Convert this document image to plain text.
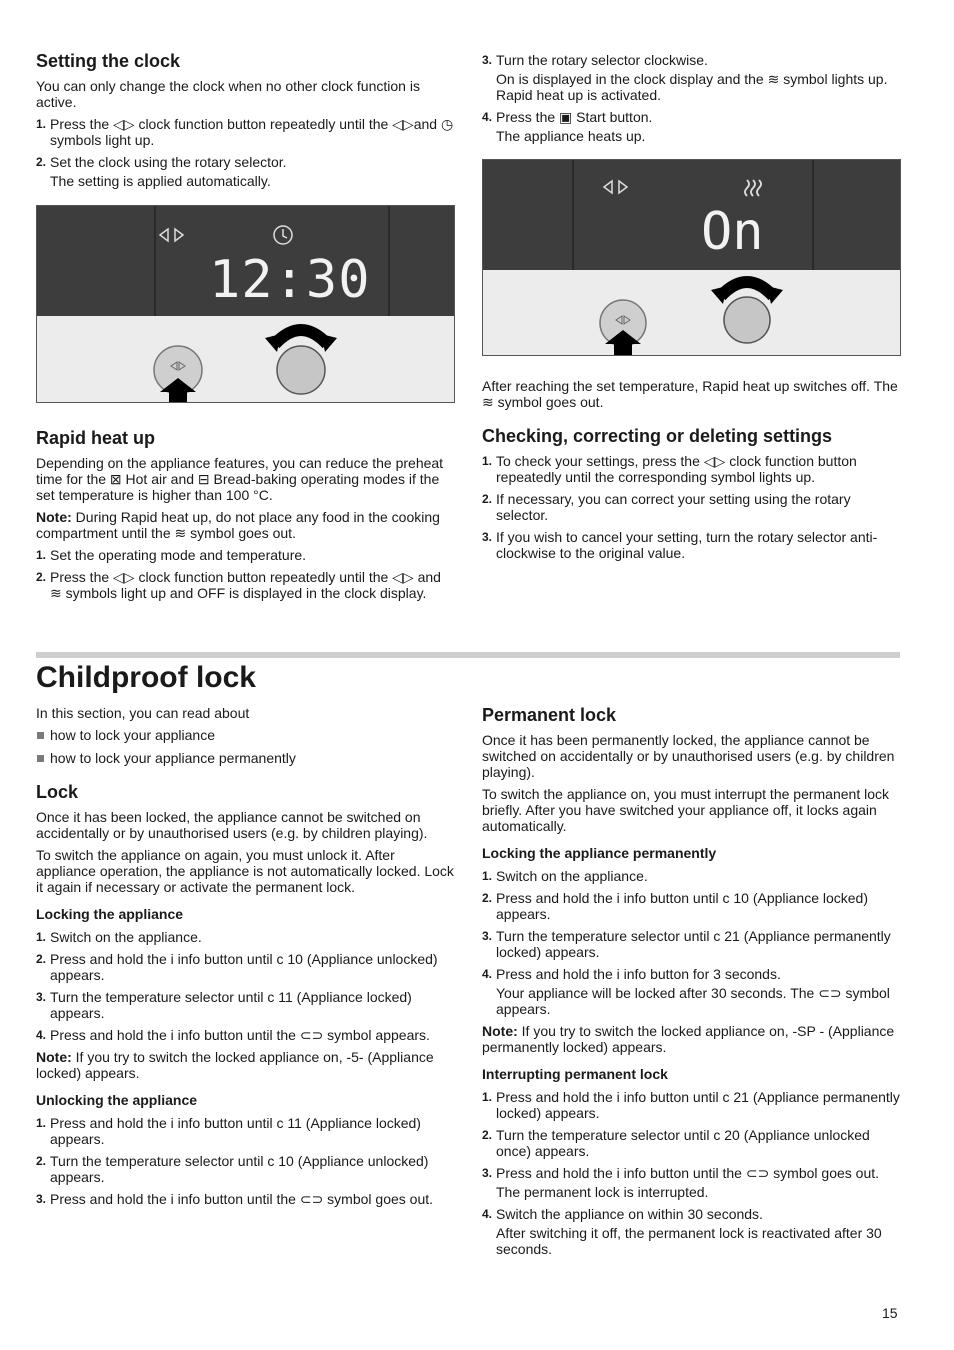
Setting the clock

You can only change the clock when no other clock function is active.

1. Press the ◁▷ clock function button repeatedly until the ◁▷and ◷ symbols light up.
2. Set the clock using the rotary selector.
The setting is applied automatically.
12:30
Rapid heat up

Depending on the appliance features, you can reduce the preheat time for the ⊠ Hot air and ⊟ Bread-baking operating modes if the set temperature is higher than 100 °C.

Note: During Rapid heat up, do not place any food in the cooking compartment until the ≋ symbol goes out.

1. Set the operating mode and temperature.
2. Press the ◁▷ clock function button repeatedly until the ◁▷ and ≋ symbols light up and OFF is displayed in the clock display.
3. Turn the rotary selector clockwise.
On is displayed in the clock display and the ≋ symbol lights up. Rapid heat up is activated.
4. Press the ▣ Start button.
The appliance heats up.
On

After reaching the set temperature, Rapid heat up switches off. The ≋ symbol goes out.

Checking, correcting or deleting settings
1. To check your settings, press the ◁▷ clock function button repeatedly until the corresponding symbol lights up.
2. If necessary, you can correct your setting using the rotary selector.
3. If you wish to cancel your setting, turn the rotary selector anti-clockwise to the original value.
Childproof lock

In this section, you can read about

how to lock your appliance
how to lock your appliance permanently
Lock

Once it has been locked, the appliance cannot be switched on accidentally or by unauthorised users (e.g. by children playing).

To switch the appliance on again, you must unlock it. After appliance operation, the appliance is not automatically locked. Lock it again if necessary or activate the permanent lock.

Locking the appliance
1. Switch on the appliance.
2. Press and hold the i info button until c 10 (Appliance unlocked) appears.
3. Turn the temperature selector until c 11 (Appliance locked) appears.
4. Press and hold the i info button until the ⊂⊃ symbol appears.

Note: If you try to switch the locked appliance on, -5- (Appliance locked) appears.

Unlocking the appliance
1. Press and hold the i info button until c 11 (Appliance locked) appears.
2. Turn the temperature selector until c 10 (Appliance unlocked) appears.
3. Press and hold the i info button until the ⊂⊃ symbol goes out.
Permanent lock

Once it has been permanently locked, the appliance cannot be switched on accidentally or by unauthorised users (e.g. by children playing).

To switch the appliance on, you must interrupt the permanent lock briefly. After you have switched your appliance off, it locks again automatically.

Locking the appliance permanently
1. Switch on the appliance.
2. Press and hold the i info button until c 10 (Appliance locked) appears.
3. Turn the temperature selector until c 21 (Appliance permanently locked) appears.
4. Press and hold the i info button for 3 seconds.
Your appliance will be locked after 30 seconds. The ⊂⊃ symbol appears.

Note: If you try to switch the locked appliance on, -SP - (Appliance permanently locked) appears.

Interrupting permanent lock
1. Press and hold the i info button until c 21 (Appliance permanently locked) appears.
2. Turn the temperature selector until c 20 (Appliance unlocked once) appears.
3. Press and hold the i info button until the ⊂⊃ symbol goes out.
The permanent lock is interrupted.
4. Switch the appliance on within 30 seconds.
After switching it off, the permanent lock is reactivated after 30 seconds.
15
